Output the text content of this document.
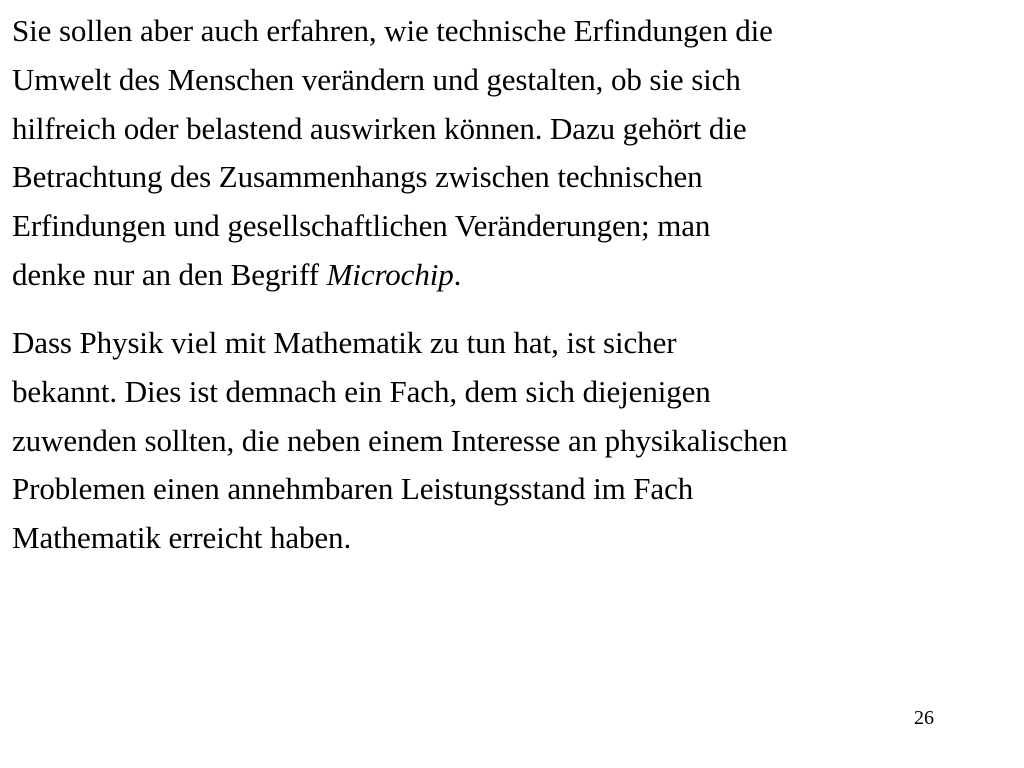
Sie sollen aber auch erfahren, wie technische Erfindungen die
Umwelt des Menschen verändern und gestalten, ob sie sich
hilfreich oder belastend auswirken können. Dazu gehört die
Betrachtung des Zusammenhangs zwischen technischen
Erfindungen und gesellschaftlichen Veränderungen; man
denke nur an den Begriff Microchip.

Dass Physik viel mit Mathematik zu tun hat, ist sicher
bekannt. Dies ist demnach ein Fach, dem sich diejenigen
zuwenden sollten, die neben einem Interesse an physikalischen
Problemen einen annehmbaren Leistungsstand im Fach
Mathematik erreicht haben.

26
